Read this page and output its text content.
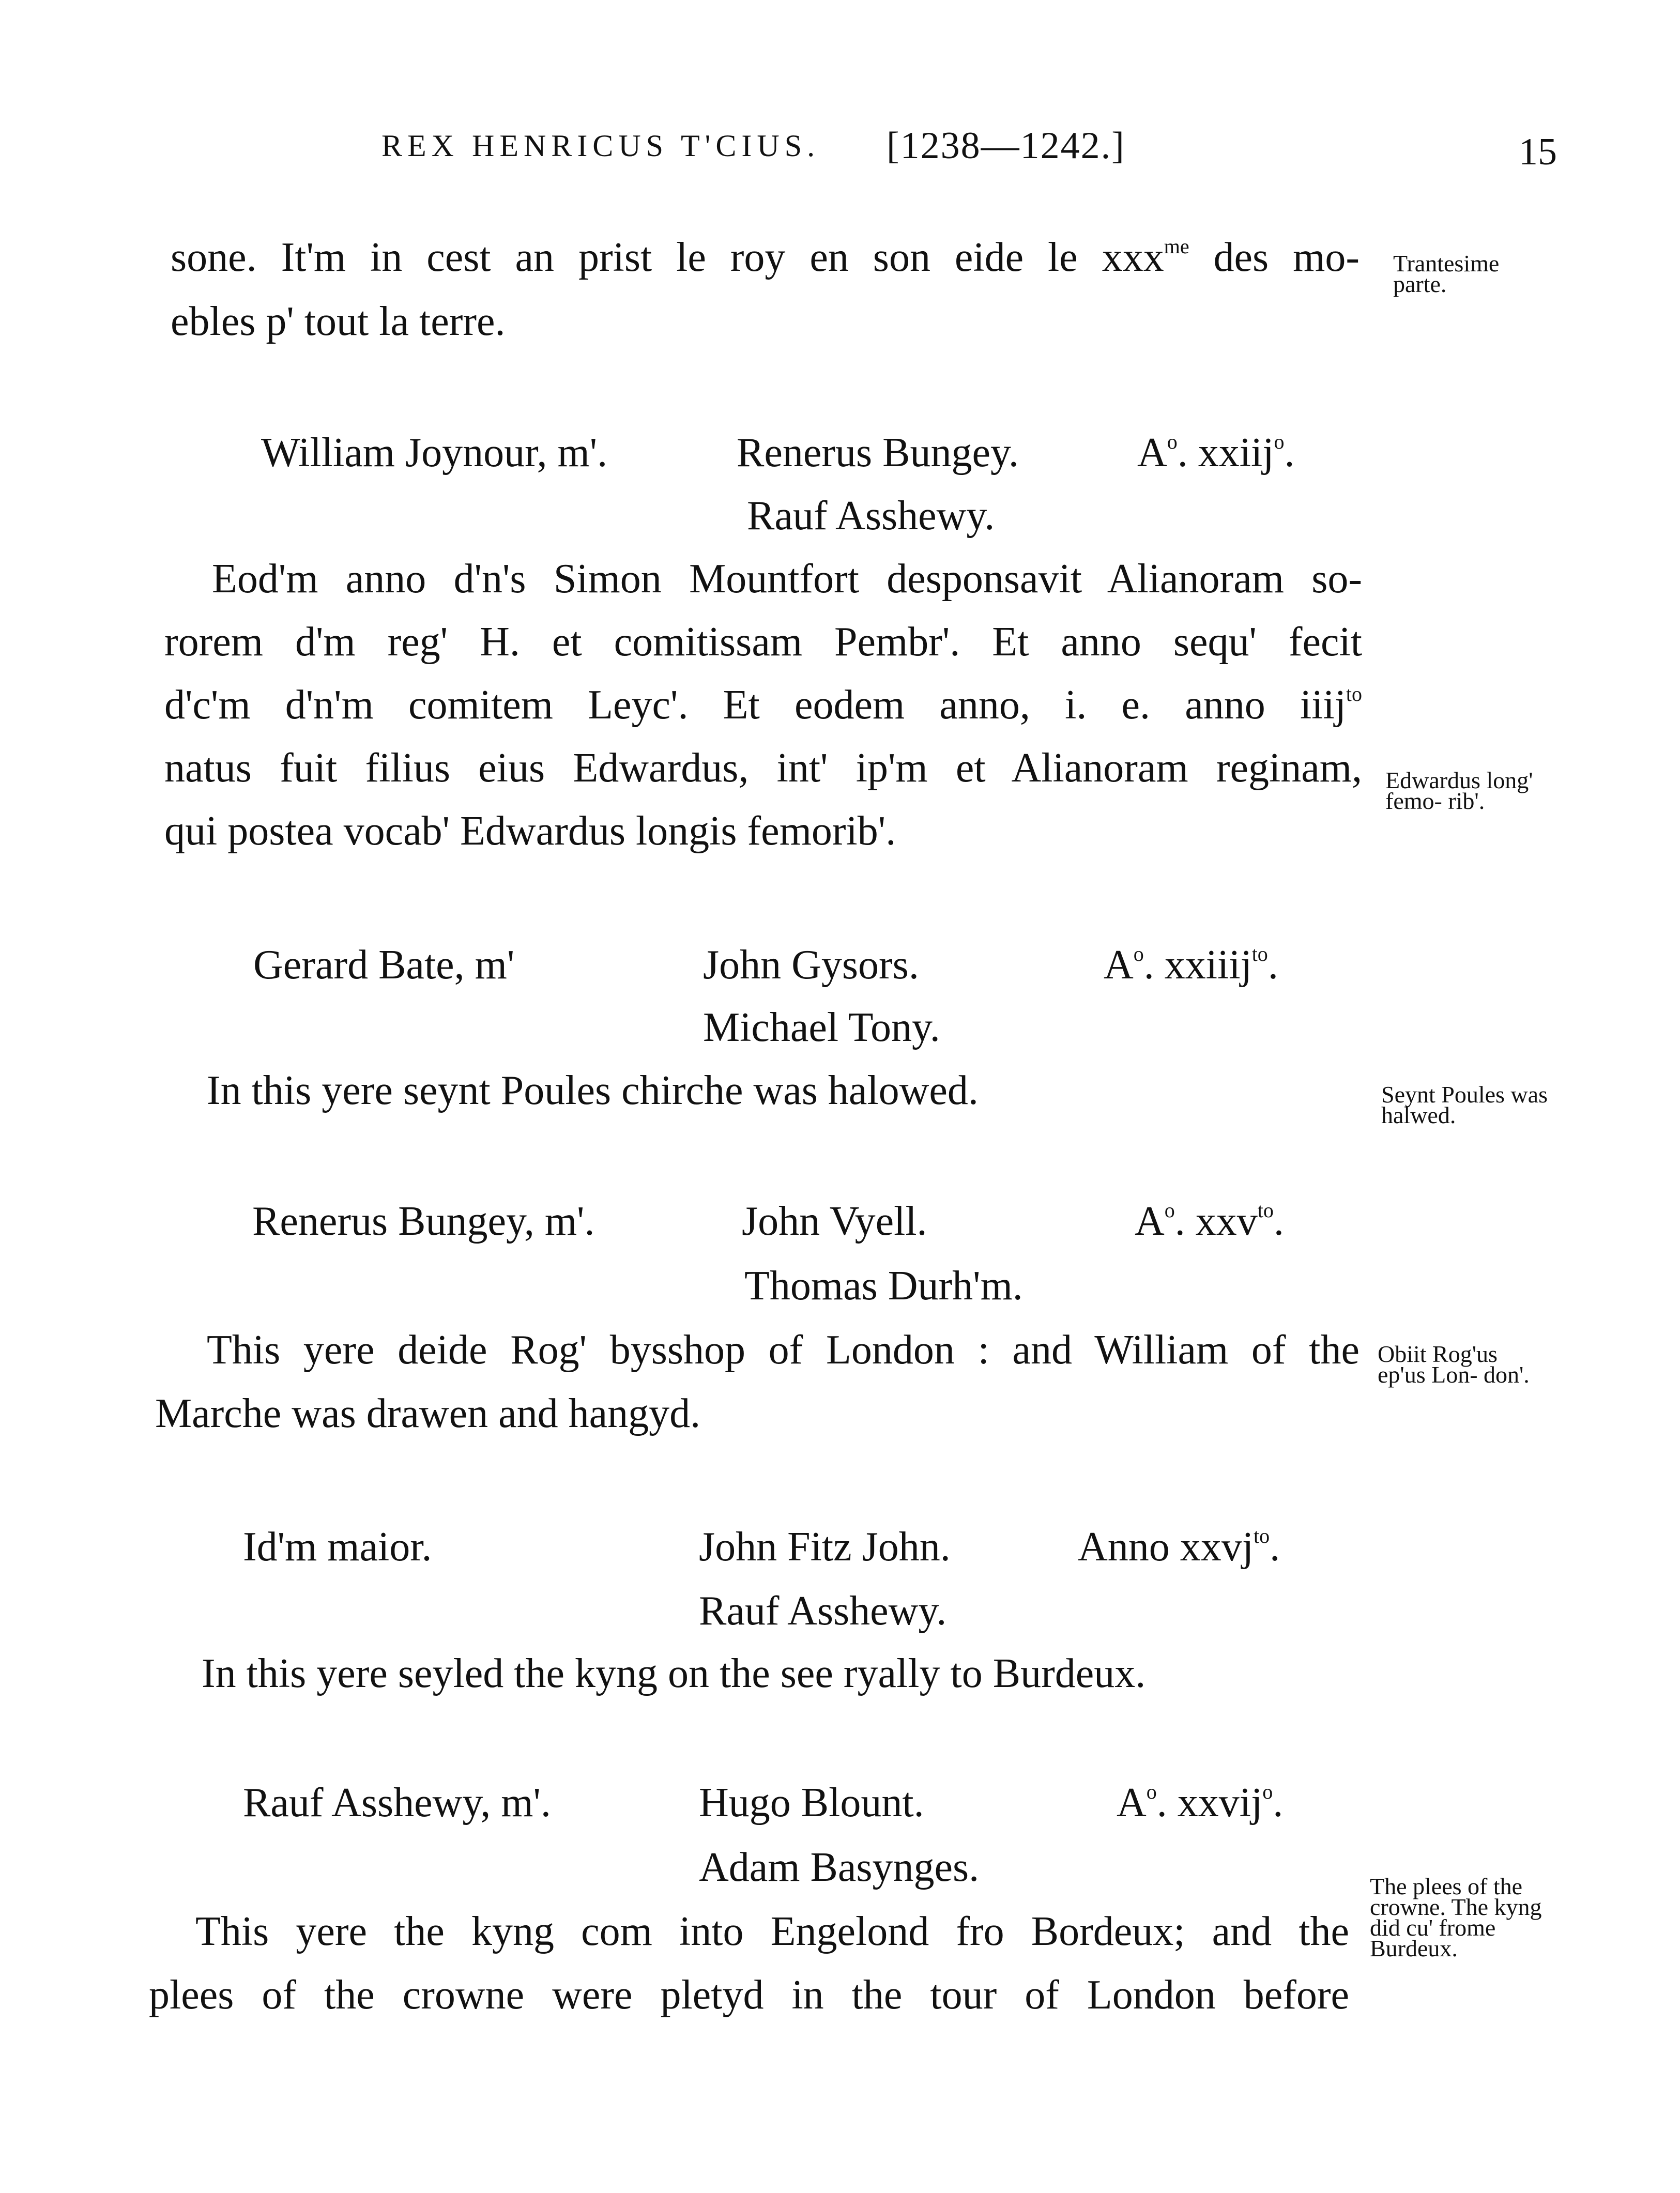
REX HENRICUS T'CIUS. [1238—1242.]	15
sone. It'm in cest an prist le roy en son eide le xxx$^{me}$ des mo-
ebles p' tout la terre.
Trantesime parte.
William Joynour, m'.	Renerus Bungey.	$A^o$. xxiij$^o$.
Rauf Asshewy.
Eod'm anno d'n's Simon Mountfort desponsavit Alianoram so-
rorem d'm reg' H. et comitissam Pembr'. Et anno sequ' fecit
d'c'm d'n'm comitem Leyc'. Et eodem anno, i. e. anno iiij$^{to}$
natus fuit filius eius Edwardus, int' ip'm et Alianoram reginam,
qui postea vocab' Edwardus longis femorib'.
Edwardus long' femo- rib'.
Gerard Bate, m'	John Gysors.	$A^o$. xxiiij$^{to}$.
Michael Tony.
In this yere seynt Poules chirche was halowed.	Seynt Poules was halwed.
Renerus Bungey, m'.	John Vyell.	$A^o$. xxv$^{to}$.
Thomas Durh'm.
This yere deide Rog' bysshop of London : and William of the
Marche was drawen and hangyd.
Obiit Rog'us ep'us Lon- don'.
Id'm maior.	John Fitz John.	Anno xxvj$^{to}$.
Rauf Asshewy.
In this yere seyled the kyng on the see ryally to Burdeux.
Rauf Asshewy, m'.	Hugo Blount.	$A^o$. xxvij$^o$.
Adam Basynges.
This yere the kyng com into Engelond fro Bordeux; and the
plees of the crowne were pletyd in the tour of London before
The plees of the crowne. The kyng did cu' frome Burdeux.
